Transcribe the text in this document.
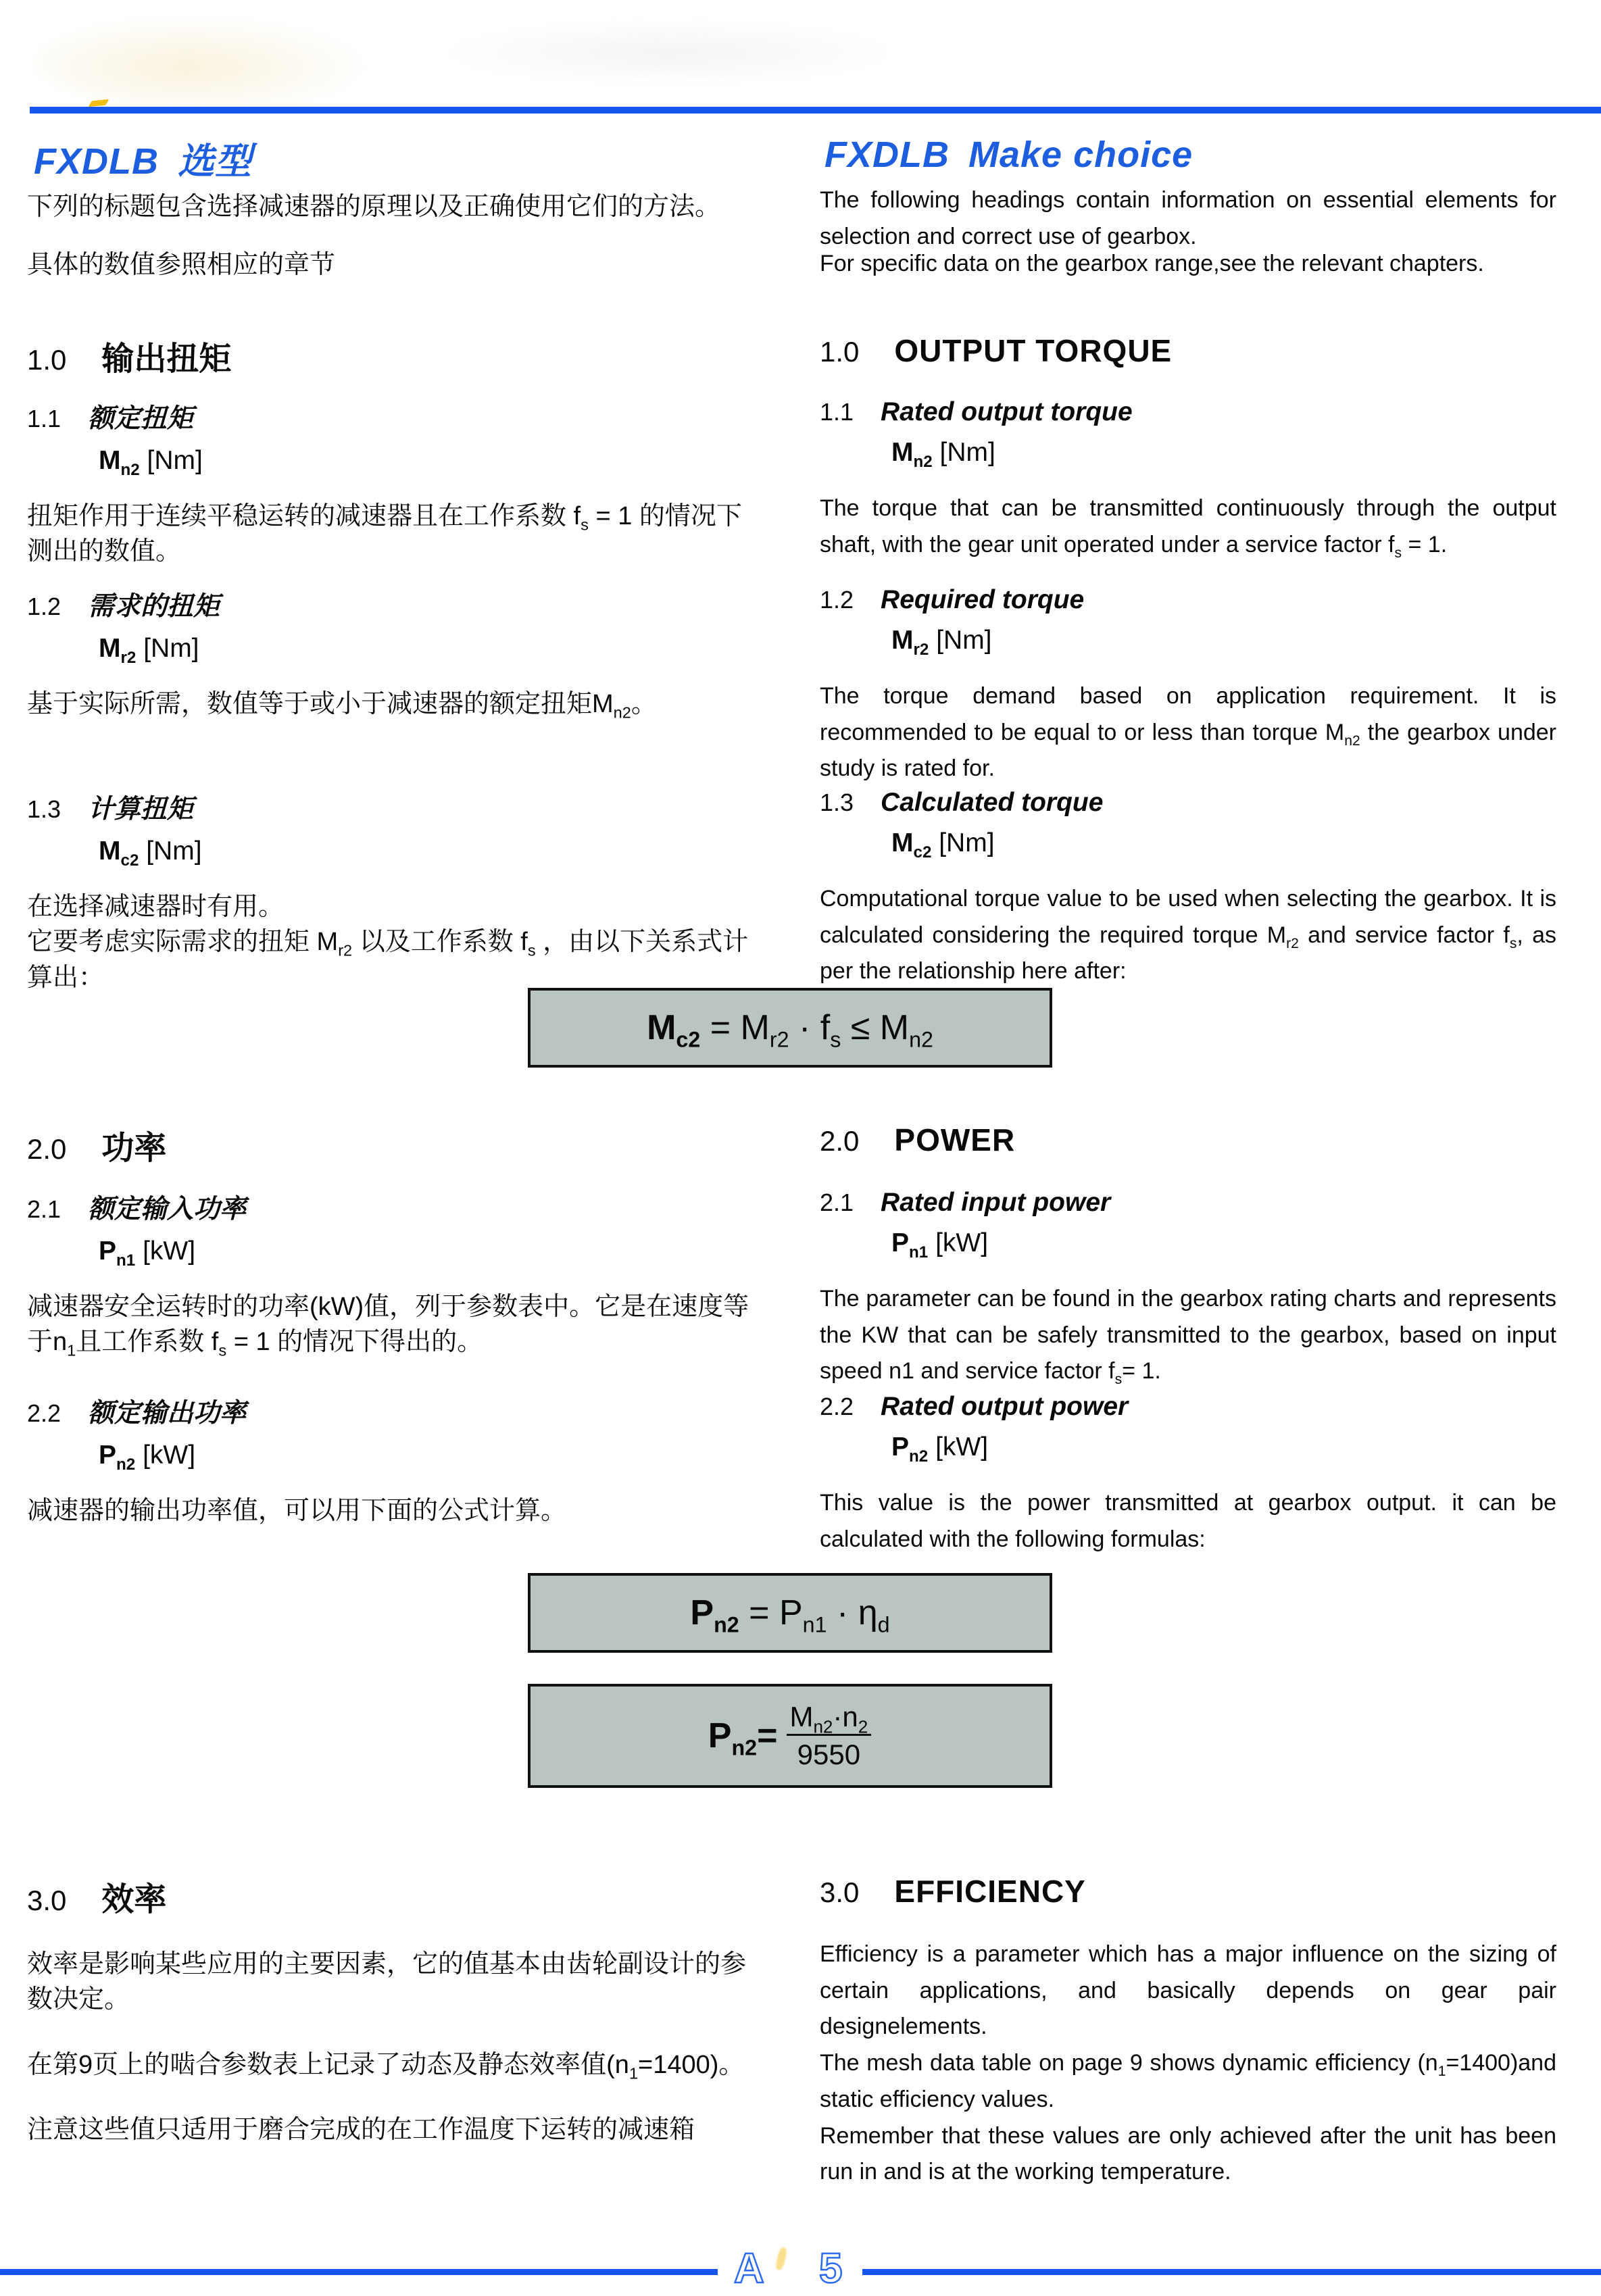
FXDLB 选型	FXDLB Make choice
下列的标题包含选择减速器的原理以及正确使用它们的方法。	The following headings contain information on essential elements for selection and correct use of gearbox.
具体的数值参照相应的章节	For specific data on the gearbox range,see the relevant chapters.
1.0 输出扭矩	1.0 OUTPUT TORQUE
1.1 额定扭矩
$M_{n2}$ [Nm]
扭矩作用于连续平稳运转的减速器且在工作系数 $f_s = 1$ 的情况下测出的数值。
1.1 Rated output torque
$M_{n2}$ [Nm]
The torque that can be transmitted continuously through the output shaft, with the gear unit operated under a service factor $f_s = 1$.
1.2 需求的扭矩
$M_{r2}$ [Nm]
基于实际所需，数值等于或小于减速器的额定扭矩$M_{n2}$。
1.2 Required torque
$M_{r2}$ [Nm]
The torque demand based on application requirement. It is recommended to be equal to or less than torque $M_{n2}$ the gearbox under study is rated for.
1.3 计算扭矩
$M_{c2}$ [Nm]
在选择减速器时有用。
它要考虑实际需求的扭矩 $M_{r2}$ 以及工作系数 $f_s$ ，由以下关系式计算出：
1.3 Calculated torque
$M_{c2}$ [Nm]
Computational torque value to be used when selecting the gearbox. It is calculated considering the required torque $M_{r2}$ and service factor $f_s$, as per the relationship here after:
$M_{c2} = M_{r2} \cdot f_s \le M_{n2}$
2.0 功率	2.0 POWER
2.1 额定输入功率
$P_{n1}$ [kW]
减速器安全运转时的功率(kW)值，列于参数表中。它是在速度等于$n_1$且工作系数 $f_s = 1$ 的情况下得出的。
2.1 Rated input power
$P_{n1}$ [kW]
The parameter can be found in the gearbox rating charts and represents the KW that can be safely transmitted to the gearbox, based on input speed n1 and service factor $f_s= 1$.
2.2 额定输出功率
$P_{n2}$ [kW]
减速器的输出功率值，可以用下面的公式计算。
2.2 Rated output power
$P_{n2}$ [kW]
This value is the power transmitted at gearbox output. it can be calculated with the following formulas:
$P_{n2} = P_{n1} \cdot \eta_d$
$P_{n2}= \frac{M_{n2}\cdot n_2}{9550}$
3.0 效率
效率是影响某些应用的主要因素，它的值基本由齿轮副设计的参数决定。
在第9页上的啮合参数表上记录了动态及静态效率值$(n_1=1400)$。
注意这些值只适用于磨合完成的在工作温度下运转的减速箱
3.0 EFFICIENCY
Efficiency is a parameter which has a major influence on the sizing of certain applications, and basically depends on gear pair designelements.
The mesh data table on page 9 shows dynamic efficiency $(n_1=1400)and$ static efficiency values.
Remember that these values are only achieved after the unit has been run in and is at the working temperature.
A 5
